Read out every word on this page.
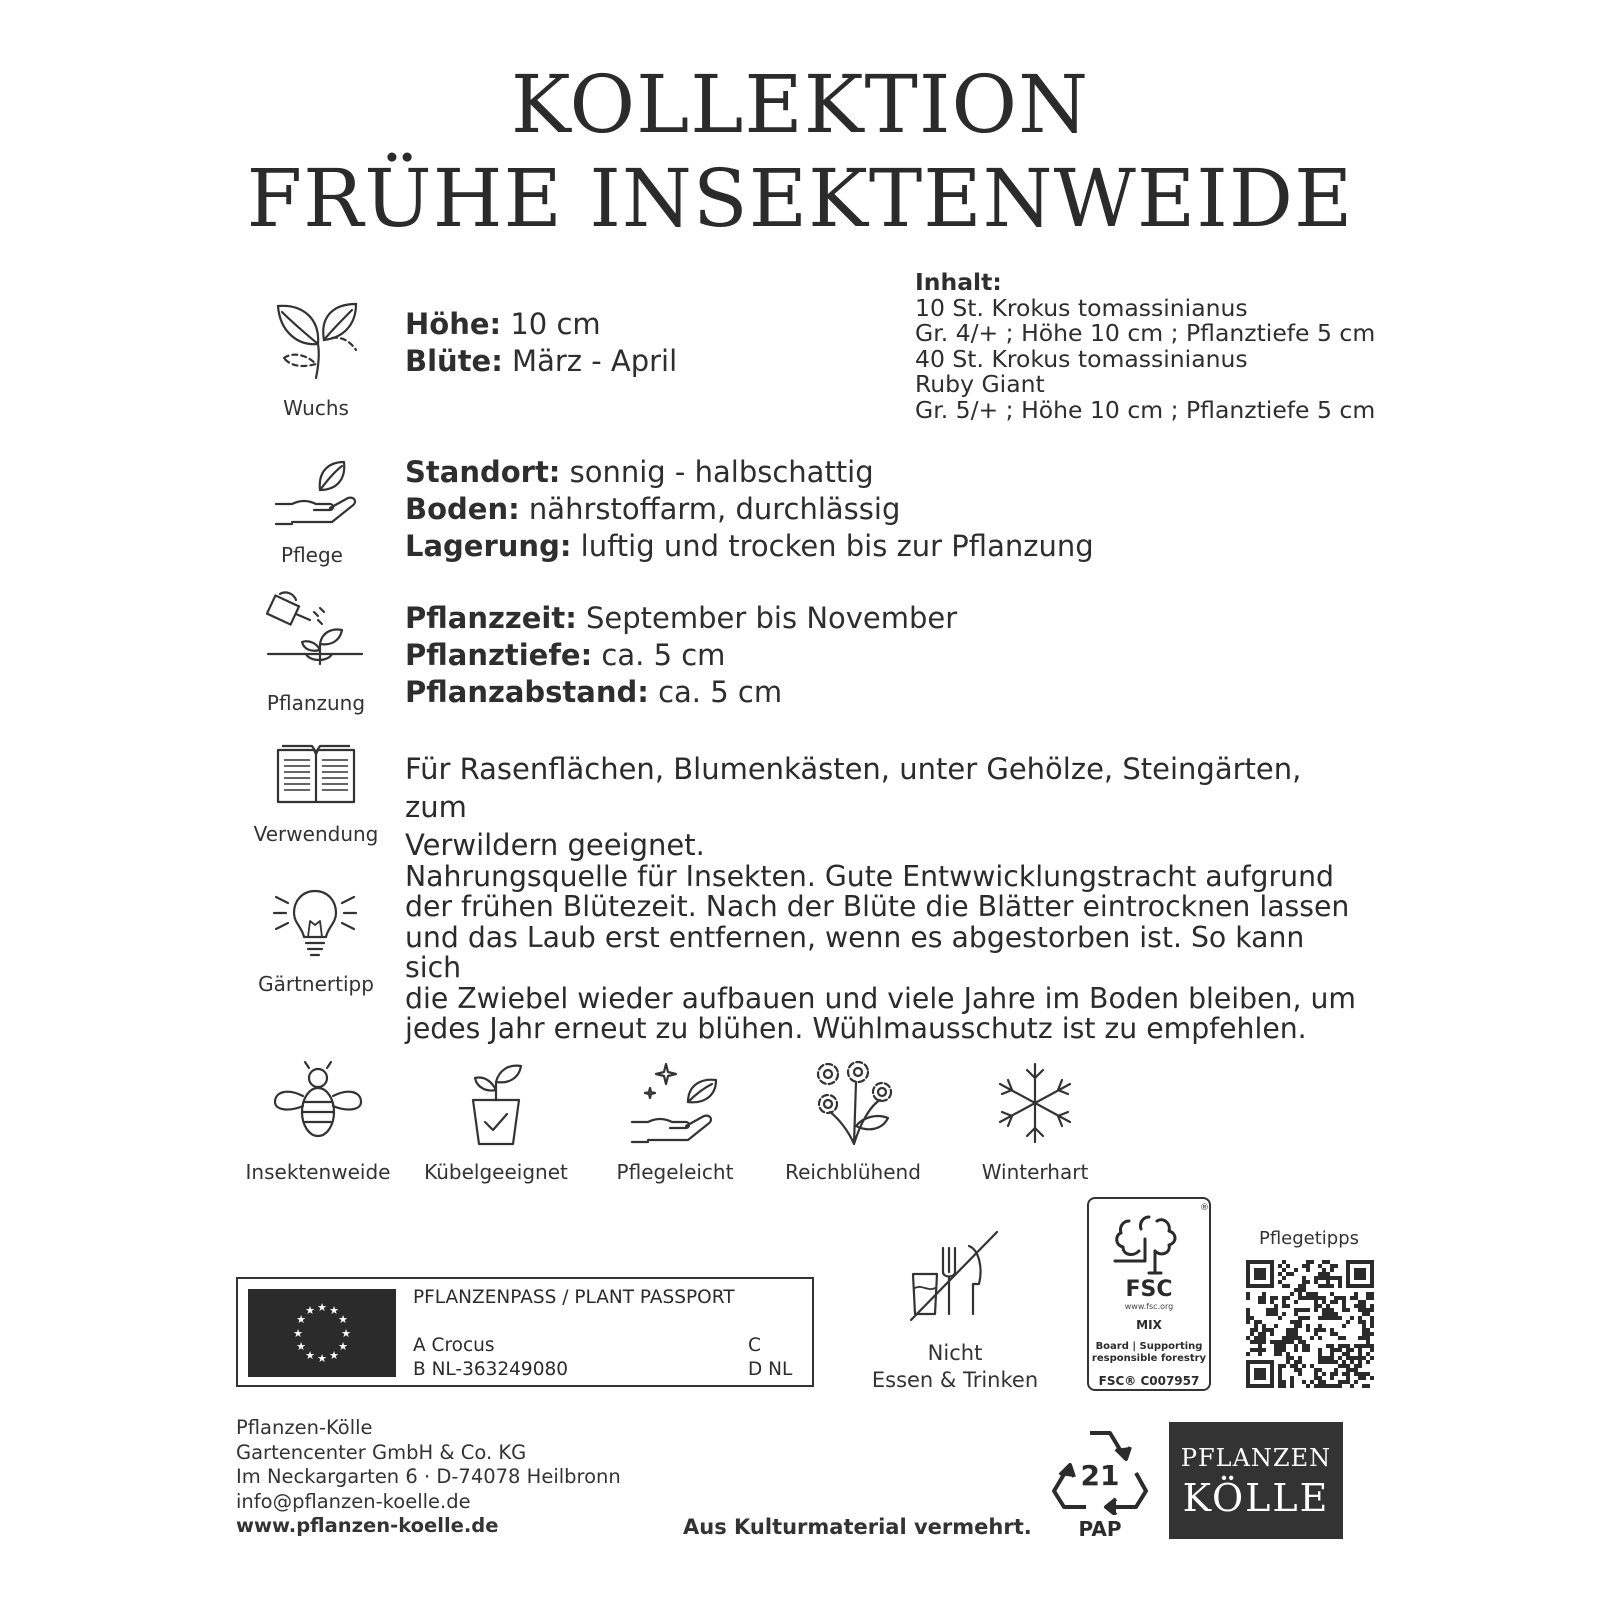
KOLLEKTION
FRÜHE INSEKTENWEIDE
Wuchs
Höhe: 10 cm
Blüte: März - April
Inhalt:
10 St. Krokus tomassinianus
Gr. 4/+ ; Höhe 10 cm ; Pflanztiefe 5 cm
40 St. Krokus tomassinianus
Ruby Giant
Gr. 5/+ ; Höhe 10 cm ; Pflanztiefe 5 cm
Pflege
Standort: sonnig - halbschattig
Boden: nährstoffarm, durchlässig
Lagerung: luftig und trocken bis zur Pflanzung
Pflanzung
Pflanzzeit: September bis November
Pflanztiefe: ca. 5 cm
Pflanzabstand: ca. 5 cm
Verwendung
Für Rasenflächen, Blumenkästen, unter Gehölze, Steingärten, zum
Verwildern geeignet.
Gärtnertipp
Nahrungsquelle für Insekten. Gute Entwwicklungstracht aufgrund
der frühen Blütezeit. Nach der Blüte die Blätter eintrocknen lassen
und das Laub erst entfernen, wenn es abgestorben ist. So kann sich
die Zwiebel wieder aufbauen und viele Jahre im Boden bleiben, um
jedes Jahr erneut zu blühen. Wühlmausschutz ist zu empfehlen.
Insektenweide	Kübelgeeignet	Pflegeleicht	Reichblühend	Winterhart
★ ★
★
★
★
★
★
★
★
★
★
★
PFLANZENPASS / PLANT PASSPORT
A Crocus
B NL-363249080
C
D NL
Nicht
Essen & Trinken
FSC
www.fsc.org
MIX
Board | Supporting
responsible forestry
FSC® C007957
®
Pflegetipps
Pflanzen-Kölle
Gartencenter GmbH & Co. KG
Im Neckargarten 6 · D-74078 Heilbronn
info@pflanzen-koelle.de
www.pflanzen-koelle.de	Aus Kulturmaterial vermehrt.
21
PAP
PFLANZEN
KÖLLE
